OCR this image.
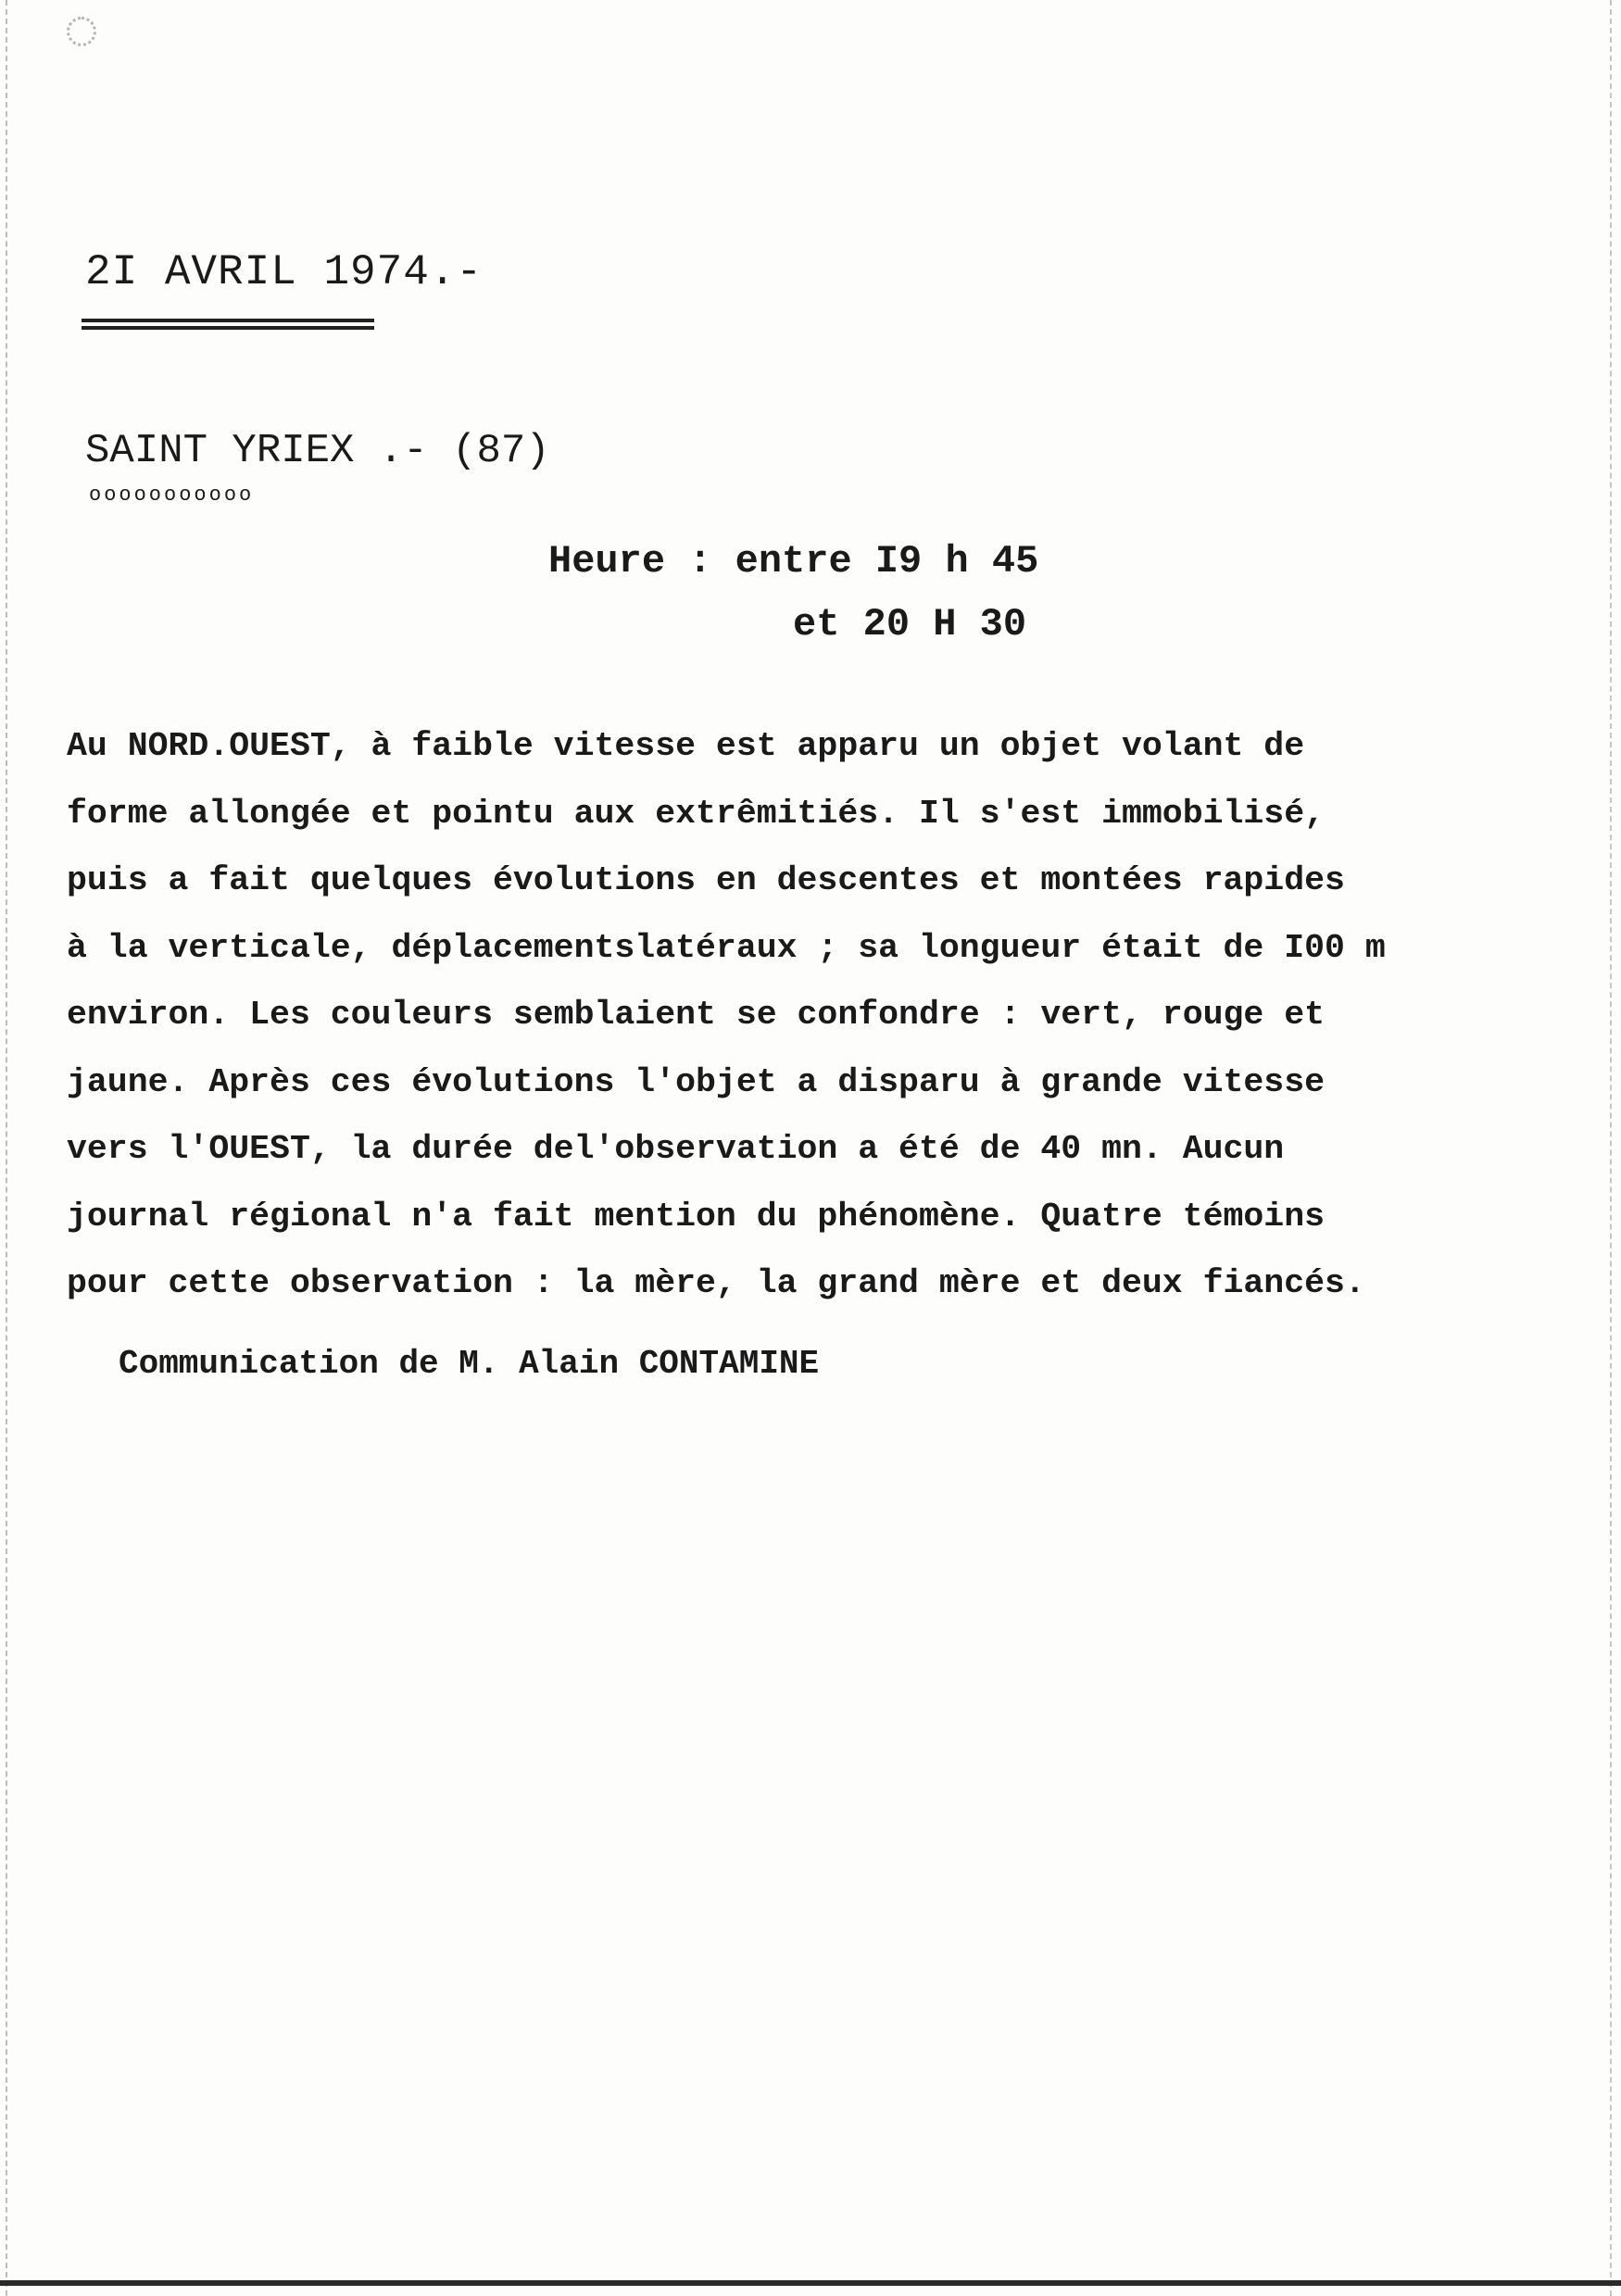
2I AVRIL 1974.-
SAINT YRIEX .- (87)
ooooooooooo
Heure : entre I9 h 45
et 20 H 30
Au NORD.OUEST, à faible vitesse est apparu un objet volant de
forme allongée et pointu aux extrêmitiés. Il s'est immobilisé,
puis a fait quelques évolutions en descentes et montées rapides
à la verticale, déplacementslatéraux ; sa longueur était de I00 m
environ. Les couleurs semblaient se confondre : vert, rouge et
jaune. Après ces évolutions l'objet a disparu à grande vitesse
vers l'OUEST, la durée del'observation a été de 40 mn. Aucun
journal régional n'a fait mention du phénomène. Quatre témoins
pour cette observation : la mère, la grand mère et deux fiancés.
Communication de M. Alain CONTAMINE
